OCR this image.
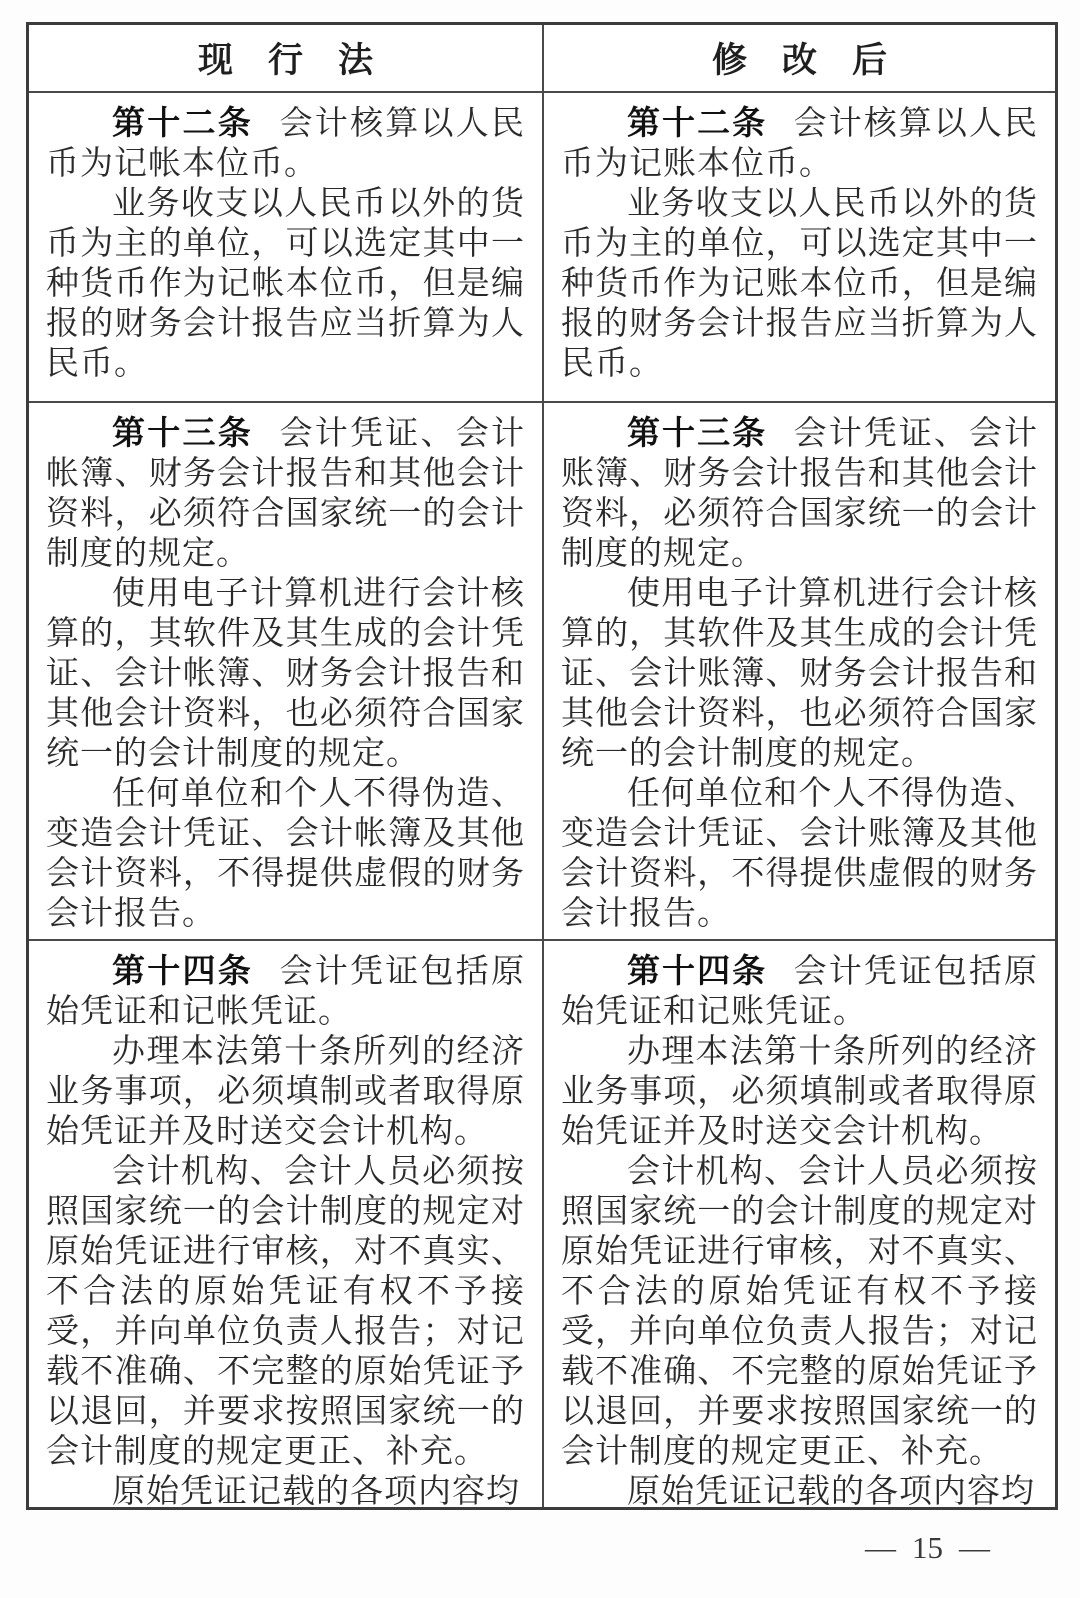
现　行　法	修　改　后

第十二条 会计核算以人民币为记帐本位币。

业务收支以人民币以外的货币为主的单位，可以选定其中一种货币作为记帐本位币，但是编报的财务会计报告应当折算为人民币。

第十二条 会计核算以人民币为记账本位币。

业务收支以人民币以外的货币为主的单位，可以选定其中一种货币作为记账本位币，但是编报的财务会计报告应当折算为人民币。

第十三条 会计凭证、会计帐簿、财务会计报告和其他会计资料，必须符合国家统一的会计制度的规定。

使用电子计算机进行会计核算的，其软件及其生成的会计凭证、会计帐簿、财务会计报告和其他会计资料，也必须符合国家统一的会计制度的规定。

任何单位和个人不得伪造、变造会计凭证、会计帐簿及其他会计资料，不得提供虚假的财务会计报告。

第十三条 会计凭证、会计账簿、财务会计报告和其他会计资料，必须符合国家统一的会计制度的规定。

使用电子计算机进行会计核算的，其软件及其生成的会计凭证、会计账簿、财务会计报告和其他会计资料，也必须符合国家统一的会计制度的规定。

任何单位和个人不得伪造、变造会计凭证、会计账簿及其他会计资料，不得提供虚假的财务会计报告。

第十四条 会计凭证包括原始凭证和记帐凭证。

办理本法第十条所列的经济业务事项，必须填制或者取得原始凭证并及时送交会计机构。

会计机构、会计人员必须按照国家统一的会计制度的规定对原始凭证进行审核，对不真实、不合法的原始凭证有权不予接受，并向单位负责人报告；对记载不准确、不完整的原始凭证予以退回，并要求按照国家统一的会计制度的规定更正、补充。

原始凭证记载的各项内容均

第十四条 会计凭证包括原始凭证和记账凭证。

办理本法第十条所列的经济业务事项，必须填制或者取得原始凭证并及时送交会计机构。

会计机构、会计人员必须按照国家统一的会计制度的规定对原始凭证进行审核，对不真实、不合法的原始凭证有权不予接受，并向单位负责人报告；对记载不准确、不完整的原始凭证予以退回，并要求按照国家统一的会计制度的规定更正、补充。

原始凭证记载的各项内容均

— 15 —
